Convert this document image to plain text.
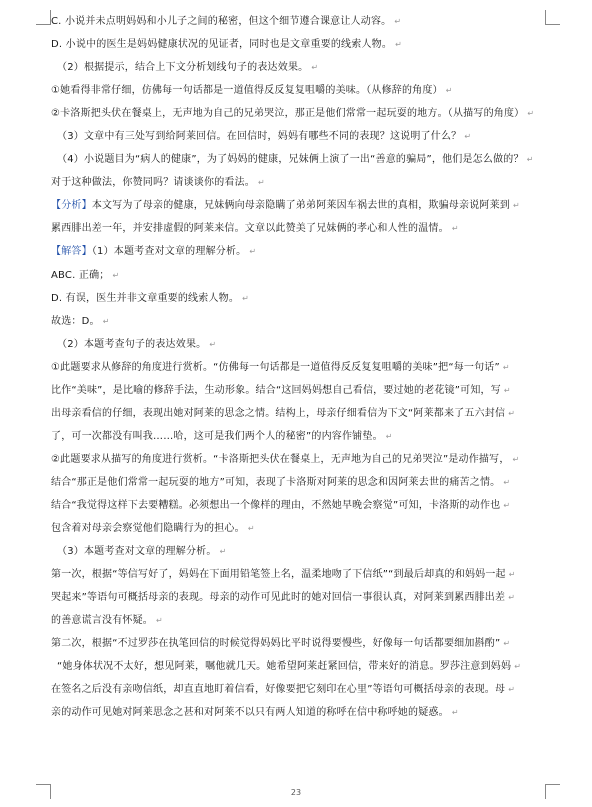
C. 小说并未点明妈妈和小儿子之间的秘密，但这个细节遵合课意让人动容。 ↵
D. 小说中的医生是妈妈健康状况的见证者，同时也是文章重要的线索人物。 ↵
（2）根据提示，结合上下文分析划线句子的表达效果。 ↵
①她看得非常仔细，仿佛每一句话都是一道值得反反复复咀嚼的美味。（从修辞的角度） ↵
②卡洛斯把头伏在餐桌上，无声地为自己的兄弟哭泣，那正是他们常常一起玩耍的地方。（从描写的角度） ↵
（3）文章中有三处写到给阿莱回信。在回信时，妈妈有哪些不同的表现？这说明了什么？ ↵
（4）小说题目为“病人的健康”，为了妈妈的健康，兄妹俩上演了一出“善意的骗局”，他们是怎么做的？ ↵
对于这种做法，你赞同吗？请谈谈你的看法。 ↵
【分析】本文写为了母亲的健康，兄妹俩向母亲隐瞒了弟弟阿莱因车祸去世的真相，欺骗母亲说阿莱到 ↵
累西腓出差一年，并安排虚假的阿莱来信。文章以此赞美了兄妹俩的孝心和人性的温情。 ↵
【解答】（1）本题考查对文章的理解分析。 ↵
ABC. 正确； ↵
D. 有误，医生并非文章重要的线索人物。 ↵
故选：D。 ↵
（2）本题考查句子的表达效果。 ↵
①此题要求从修辞的角度进行赏析。“仿佛每一句话都是一道值得反反复复咀嚼的美味”把“每一句话” ↵
比作“美味”，是比喻的修辞手法，生动形象。结合“这回妈妈想自己看信，要过她的老花镜”可知，写 ↵
出母亲看信的仔细，表现出她对阿莱的思念之情。结构上，母亲仔细看信为下文“阿莱都来了五六封信 ↵
了，可一次都没有叫我……哈，这可是我们两个人的秘密”的内容作铺垫。 ↵
②此题要求从描写的角度进行赏析。“卡洛斯把头伏在餐桌上，无声地为自己的兄弟哭泣”是动作描写， ↵
结合“那正是他们常常一起玩耍的地方”可知，表现了卡洛斯对阿莱的思念和因阿莱去世的痛苦之情。 ↵
结合“我觉得这样下去要糟糕。必须想出一个像样的理由，不然她早晚会察觉”可知，卡洛斯的动作也 ↵
包含着对母亲会察觉他们隐瞒行为的担心。 ↵
（3）本题考查对文章的理解分析。 ↵
第一次，根据“等信写好了，妈妈在下面用铅笔签上名，温柔地吻了下信纸”“到最后却真的和妈妈一起 ↵
哭起来”等语句可概括母亲的表现。母亲的动作可见此时的她对回信一事很认真，对阿莱到累西腓出差 ↵
的善意谎言没有怀疑。 ↵
第二次，根据“不过罗莎在执笔回信的时候觉得妈妈比平时说得要慢些，好像每一句话都要细加斟酌” ↵
“她身体状况不太好，想见阿莱，嘱他就几天。她希望阿莱赶紧回信，带来好的消息。罗莎注意到妈妈 ↵
在签名之后没有亲吻信纸，却直直地盯着信看，好像要把它刻印在心里”等语句可概括母亲的表现。母 ↵
亲的动作可见她对阿莱思念之甚和对阿莱不以只有两人知道的称呼在信中称呼她的疑惑。 ↵
23
